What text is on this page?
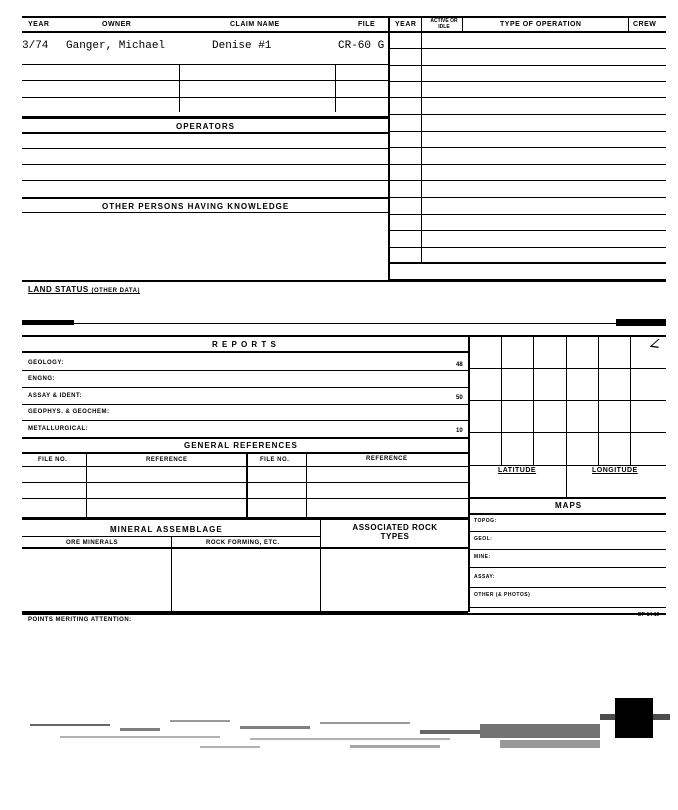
YEAR	OWNER	CLAIM NAME	FILE
3/74 Ganger, Michael	Denise #1	CR-60 G
YEAR	ACTIVE OR IDLE	TYPE OF OPERATION	CREW
OPERATORS
OTHER PERSONS HAVING KNOWLEDGE
LAND STATUS (OTHER DATA)
R E P O R T S
GEOLOGY:	48
ENGNG:
ASSAY & IDENT:	50
GEOPHYS. & GEOCHEM:
METALLURGICAL:	10
GENERAL REFERENCES
FILE NO.	REFERENCE	FILE NO.	REFERENCE
MINERAL ASSEMBLAGE
ORE MINERALS	ROCK FORMING, ETC.
ASSOCIATED ROCK TYPES
∠
LATITUDE	LONGITUDE
MAPS
TOPOG:
GEOL:
MINE:
ASSAY:
OTHER (& PHOTOS)
POINTS MERITING ATTENTION:
DP-14-19
